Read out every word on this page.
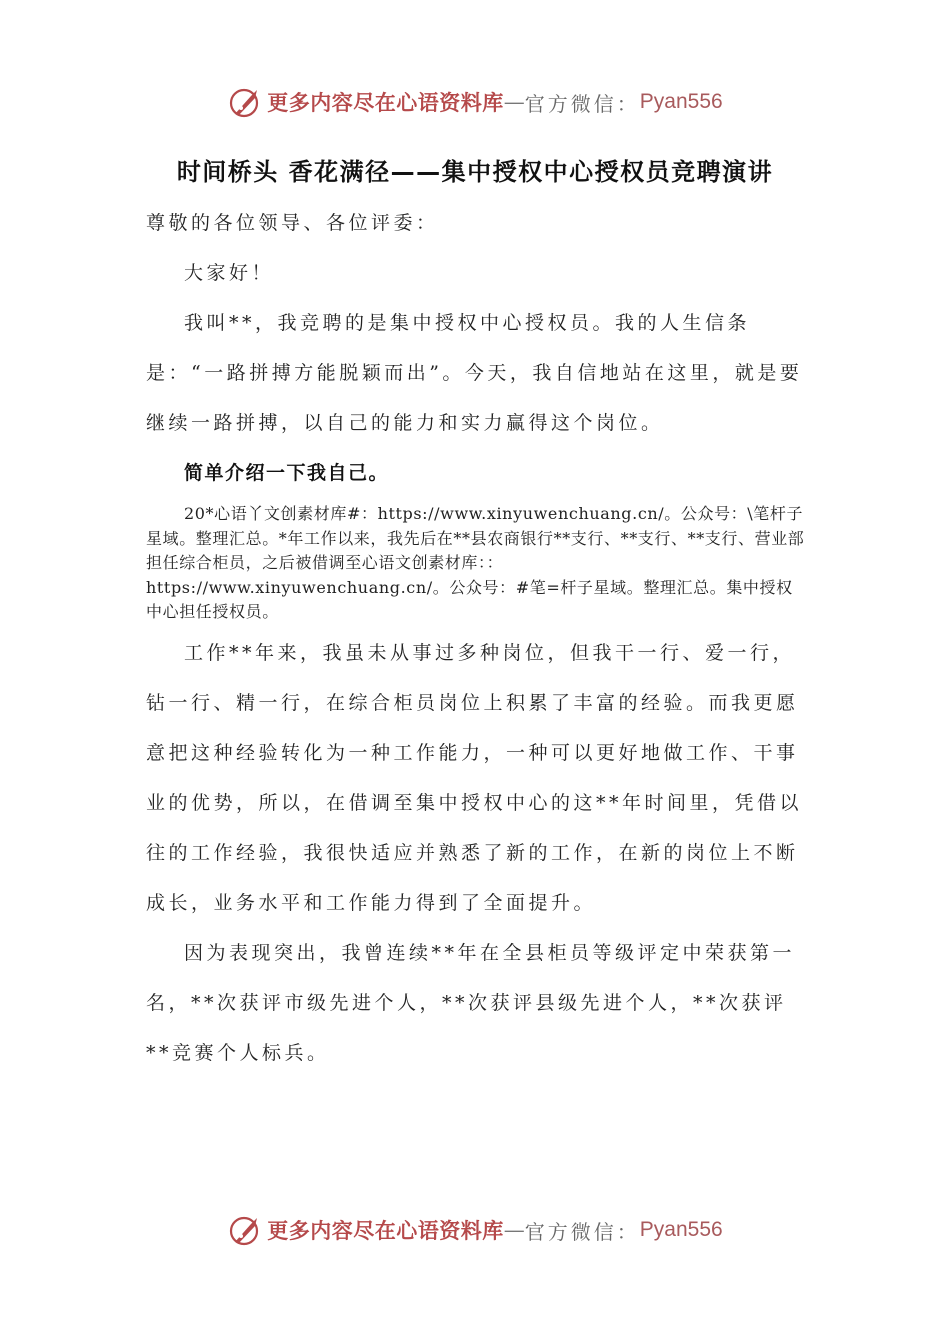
更多内容尽在心语资料库 — 官方微信： Pyan556
时间桥头 香花满径——集中授权中心授权员竞聘演讲

尊敬的各位领导、各位评委：

大家好！

我叫**，我竞聘的是集中授权中心授权员。我的人生信条是：“一路拼搏方能脱颖而出”。今天，我自信地站在这里，就是要继续一路拼搏，以自己的能力和实力赢得这个岗位。

简单介绍一下我自己。

20*心语丫文创素材库#：https://www.xinyuwenchuang.cn/。公众号：\笔杆子星域。整理汇总。*年工作以来，我先后在**县农商银行**支行、**支行、**支行、营业部担任综合柜员，之后被借调至心语文创素材库：：https://www.xinyuwenchuang.cn/。公众号：#笔=杆子星域。整理汇总。集中授权中心担任授权员。

工作**年来，我虽未从事过多种岗位，但我干一行、爱一行，钻一行、精一行，在综合柜员岗位上积累了丰富的经验。而我更愿意把这种经验转化为一种工作能力，一种可以更好地做工作、干事业的优势，所以，在借调至集中授权中心的这**年时间里，凭借以往的工作经验，我很快适应并熟悉了新的工作，在新的岗位上不断成长，业务水平和工作能力得到了全面提升。

因为表现突出，我曾连续**年在全县柜员等级评定中荣获第一名，**次获评市级先进个人，**次获评县级先进个人，**次获评**竞赛个人标兵。

更多内容尽在心语资料库 — 官方微信： Pyan556
